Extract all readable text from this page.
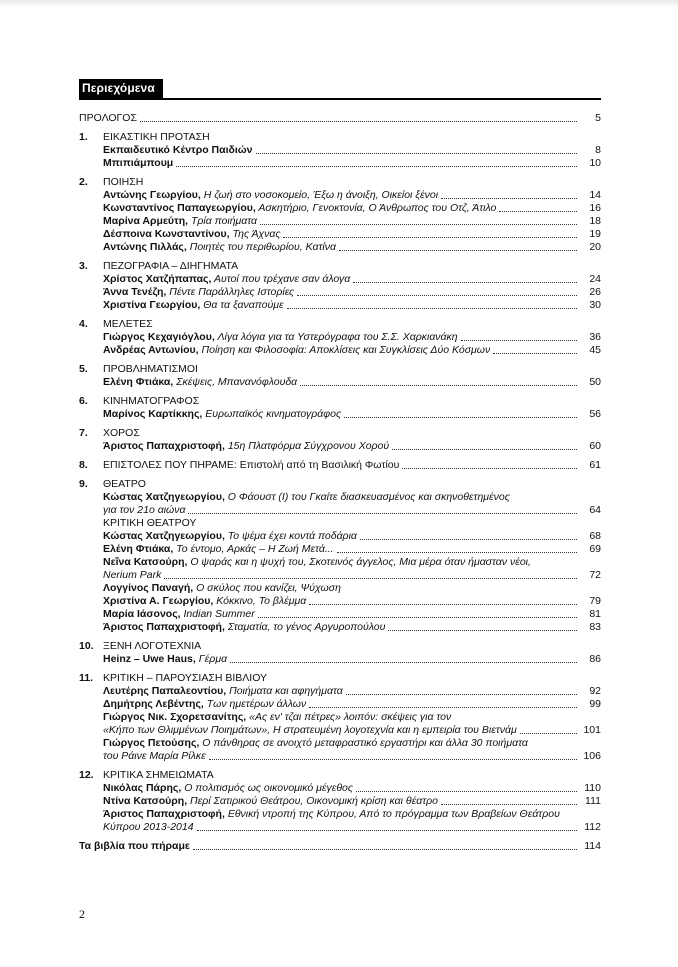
Περιεχόμενα
ΠΡΟΛΟΓΟΣ	5
1.	ΕΙΚΑΣΤΙΚΗ ΠΡΟΤΑΣΗ
Εκπαιδευτικό Κέντρο Παιδιών	8
Μπιπιάμπουμ	10
2.	ΠΟΙΗΣΗ
Αντώνης Γεωργίου, Η ζωή στο νοσοκομείο, Έξω η άνοιξη, Οικείοι ξένοι	14
Κωνσταντίνος Παπαγεωργίου, Ασκητήριο, Γενοκτονία, Ο Άνθρωπος του Οτζ, Άτιλο	16
Μαρίνα Αρμεύτη, Τρία ποιήματα	18
Δέσποινα Κωνσταντίνου, Της Άχνας	19
Αντώνης Πιλλάς, Ποιητές του περιθωρίου, Κατίνα	20
3.	ΠΕΖΟΓΡΑΦΙΑ – ΔΙΗΓΗΜΑΤΑ
Χρίστος Χατζήπαπας, Αυτοί που τρέχανε σαν άλογα	24
Άννα Τενέζη, Πέντε Παράλληλες Ιστορίες	26
Χριστίνα Γεωργίου, Θα τα ξαναπούμε	30
4.	ΜΕΛΕΤΕΣ
Γιώργος Κεχαγιόγλου, Λίγα λόγια για τα Υστερόγραφα του Σ.Σ. Χαρκιανάκη	36
Ανδρέας Αντωνίου, Ποίηση και Φιλοσοφία: Αποκλίσεις και Συγκλίσεις Δύο Κόσμων	45
5.	ΠΡΟΒΛΗΜΑΤΙΣΜΟΙ
Ελένη Φτιάκα, Σκέψεις, Μπανανόφλουδα	50
6.	ΚΙΝΗΜΑΤΟΓΡΑΦΟΣ
Μαρίνος Καρτίκκης, Ευρωπαϊκός κινηματογράφος	56
7.	ΧΟΡΟΣ
Άριστος Παπαχριστοφή, 15η Πλατφόρμα Σύγχρονου Χορού	60
8.	ΕΠΙΣΤΟΛΕΣ ΠΟΥ ΠΗΡΑΜΕ: Επιστολή από τη Βασιλική Φωτίου	61
9.	ΘΕΑΤΡΟ
Κώστας Χατζηγεωργίου, Ο Φάουστ (Ι) του Γκαίτε διασκευασμένος και σκηνοθετημένος
για τον 21ο αιώνα	64
ΚΡΙΤΙΚΗ ΘΕΑΤΡΟΥ
Κώστας Χατζηγεωργίου, Το ψέμα έχει κοντά ποδάρια	68
Ελένη Φτιάκα, Το έντομο, Αρκάς – Η Ζωή Μετά...	69
Νεΐνα Κατσούρη, Ο ψαράς και η ψυχή του, Σκοτεινός άγγελος, Μια μέρα όταν ήμασταν νέοι,
Nerium Park	72
Λογγίνος Παναγή, Ο σκύλος που κανίζει, Ψύχωση
Χριστίνα Α. Γεωργίου, Κόκκινο, Το βλέμμα	79
Μαρία Ιάσονος, Indian Summer	81
Άριστος Παπαχριστοφή, Σταματία, το γένος Αργυροπούλου	83
10. ΞΕΝΗ ΛΟΓΟΤΕΧΝΙΑ
Heinz – Uwe Haus, Γέρμα	86
11. ΚΡΙΤΙΚΗ – ΠΑΡΟΥΣΙΑΣΗ ΒΙΒΛΙΟΥ
Λευτέρης Παπαλεοντίου, Ποιήματα και αφηγήματα	92
Δημήτρης Λεβέντης, Των ημετέρων άλλων	99
Γιώργος Νικ. Σχορετσανίτης, «Ας εν' τζαι πέτρες» λοιπόν: σκέψεις για τον
«Κήπο των Θλιμμένων Ποιημάτων», Η στρατευμένη λογοτεχνία και η εμπειρία του Βιετνάμ	101
Γιώργος Πετούσης, Ο πάνθηρας σε ανοιχτό μεταφραστικό εργαστήρι και άλλα 30 ποιήματα
του Ράινε Μαρία Ρίλκε	106
12. ΚΡΙΤΙΚΑ ΣΗΜΕΙΩΜΑΤΑ
Νικόλας Πάρης, Ο πολιτισμός ως οικονομικό μέγεθος	110
Ντίνα Κατσούρη, Περί Σατιρικού Θεάτρου, Οικονομική κρίση και θέατρο	111
Άριστος Παπαχριστοφή, Εθνική ντροπή της Κύπρου, Από το πρόγραμμα των Βραβείων Θεάτρου
Κύπρου 2013-2014	112
Τα βιβλία που πήραμε	114
2
